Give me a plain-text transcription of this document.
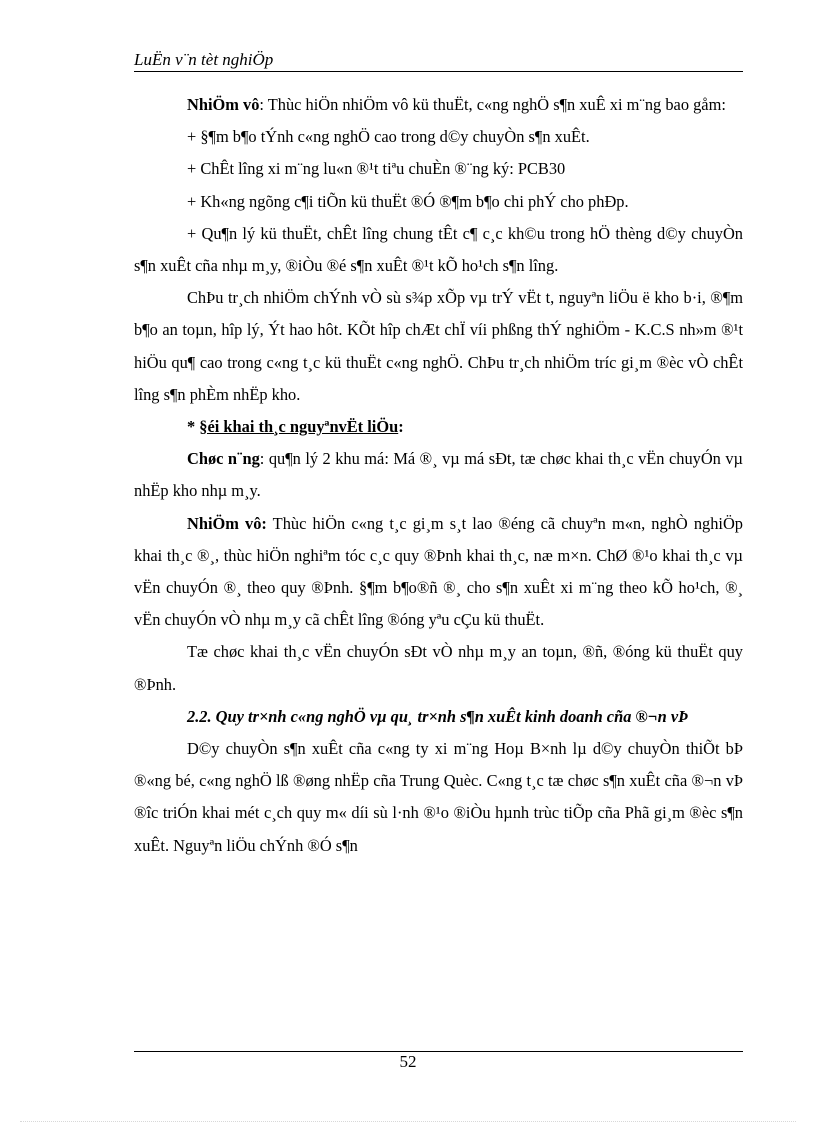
LuËn v¨n tèt nghiÖp

NhiÖm vô: Thùc hiÖn nhiÖm vô kü thuËt, c«ng nghÖ s¶n xuÊ xi m¨ng bao gåm:

+ §¶m b¶o tÝnh c«ng nghÖ cao trong d©y chuyÒn s¶n xuÊt.

+ ChÊt lîng xi m¨ng lu«n ®¹t tiªu chuÈn ®¨ng ký: PCB30

+ Kh«ng ngõng c¶i tiÕn kü thuËt ®Ó ®¶m b¶o chi phÝ cho phÐp.

+ Qu¶n lý kü thuËt, chÊt lîng chung tÊt c¶ c¸c kh©u trong hÖ thèng d©y chuyÒn s¶n xuÊt cña nhµ m¸y, ®iÒu ®é s¶n xuÊt ®¹t kÕ ho¹ch s¶n lîng.

ChÞu tr¸ch nhiÖm chÝnh vÒ sù s¾p xÕp vµ trÝ vËt t, nguyªn liÖu ë kho b·i, ®¶m b¶o an toµn, hîp lý, Ýt hao hôt. KÕt hîp chÆt chÏ víi phßng thÝ nghiÖm - K.C.S nh»m ®¹t hiÖu qu¶ cao trong c«ng t¸c kü thuËt c«ng nghÖ. ChÞu tr¸ch nhiÖm tríc gi¸m ®èc vÒ chÊt lîng s¶n phÈm nhËp kho.

* §éi khai th¸c nguyªnvËt liÖu:

Chøc n¨ng: qu¶n lý 2 khu má: Má ®¸ vµ má sÐt, tæ chøc khai th¸c vËn chuyÓn vµ nhËp kho nhµ m¸y.

NhiÖm vô: Thùc hiÖn c«ng t¸c gi¸m s¸t lao ®éng cã chuyªn m«n, nghÒ nghiÖp khai th¸c ®¸, thùc hiÖn nghiªm tóc c¸c quy ®Þnh khai th¸c, næ m×n. ChØ ®¹o khai th¸c vµ vËn chuyÓn ®¸ theo quy ®Þnh. §¶m b¶o®ñ ®¸ cho s¶n xuÊt xi m¨ng theo kÕ ho¹ch, ®¸ vËn chuyÓn vÒ nhµ m¸y cã chÊt lîng ®óng yªu cÇu kü thuËt.

Tæ chøc khai th¸c vËn chuyÓn sÐt vÒ nhµ m¸y an toµn, ®ñ, ®óng kü thuËt quy ®Þnh.

2.2. Quy tr×nh c«ng nghÖ vµ qu¸ tr×nh s¶n xuÊt kinh doanh cña ®¬n vÞ

D©y chuyÒn s¶n xuÊt cña c«ng ty xi m¨ng Hoµ B×nh lµ d©y chuyÒn thiÕt bÞ ®«ng bé, c«ng nghÖ lß ®øng nhËp cña Trung Quèc. C«ng t¸c tæ chøc s¶n xuÊt cña ®¬n vÞ ®îc triÓn khai mét c¸ch quy m« díi sù l·nh ®¹o ®iÒu hµnh trùc tiÕp cña Phã gi¸m ®èc s¶n xuÊt. Nguyªn liÖu chÝnh ®Ó s¶n

52
